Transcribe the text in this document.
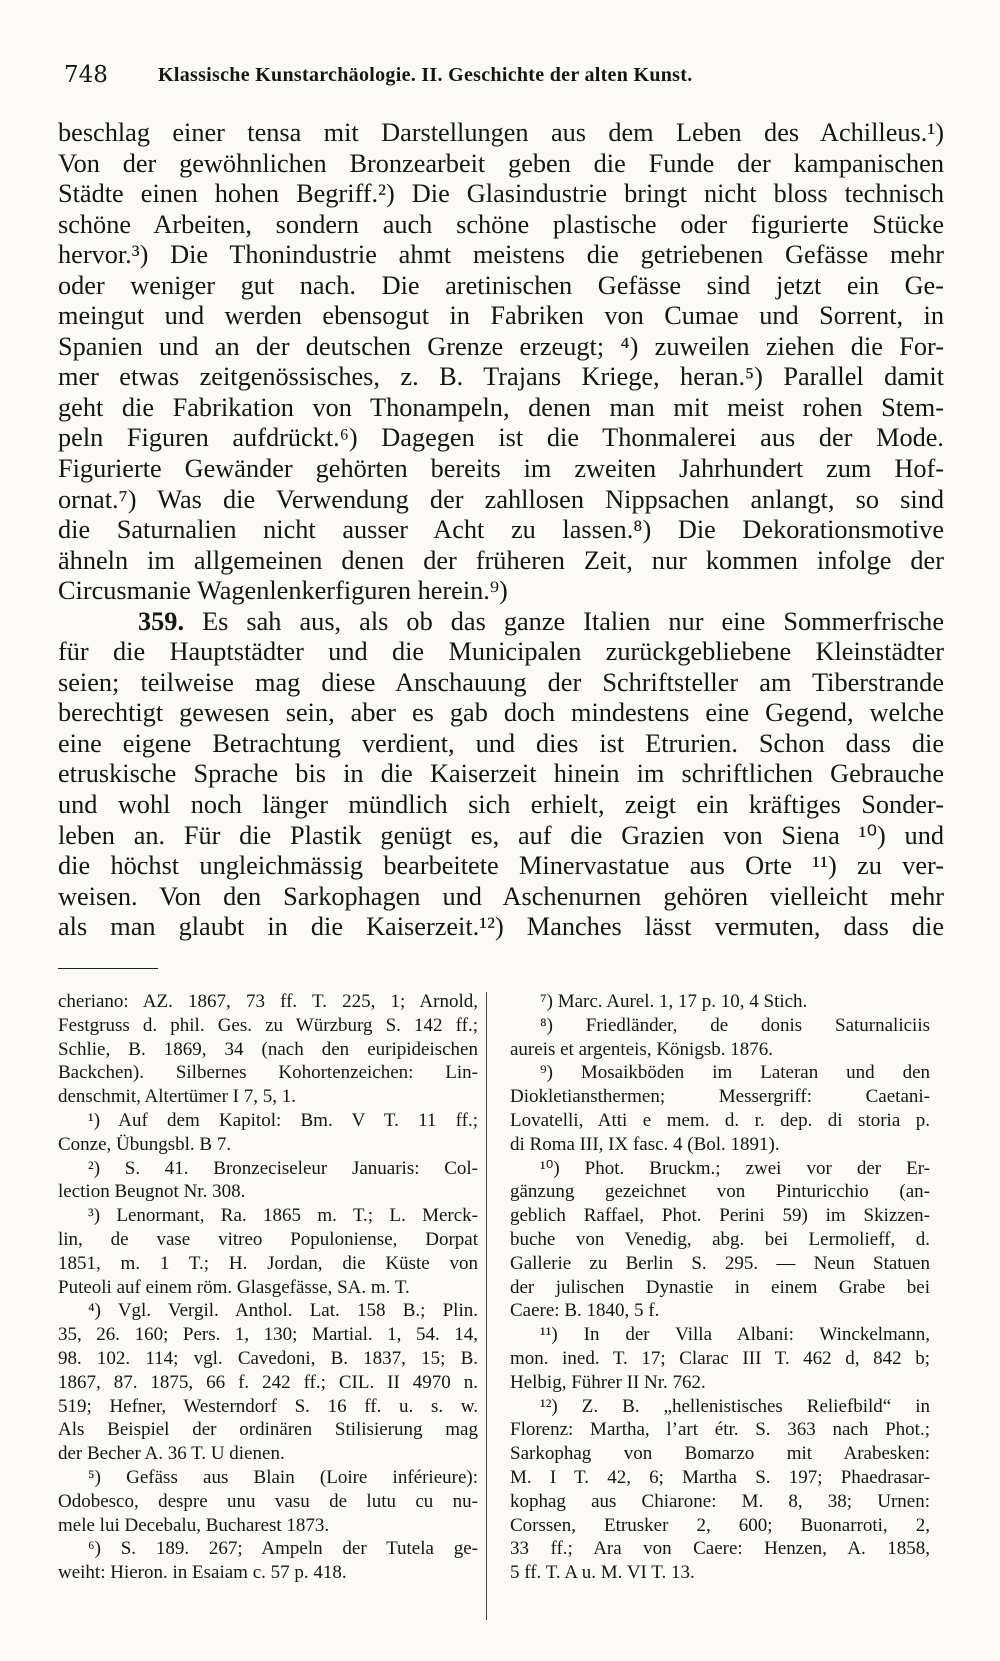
748	Klassische Kunstarchäologie. II. Geschichte der alten Kunst.

beschlag einer tensa mit Darstellungen aus dem Leben des Achilleus.¹)

Von der gewöhnlichen Bronzearbeit geben die Funde der kampanischen

Städte einen hohen Begriff.²) Die Glasindustrie bringt nicht bloss technisch

schöne Arbeiten, sondern auch schöne plastische oder figurierte Stücke

hervor.³) Die Thonindustrie ahmt meistens die getriebenen Gefässe mehr

oder weniger gut nach. Die aretinischen Gefässe sind jetzt ein Ge-

meingut und werden ebensogut in Fabriken von Cumae und Sorrent, in

Spanien und an der deutschen Grenze erzeugt; ⁴) zuweilen ziehen die For-

mer etwas zeitgenössisches, z. B. Trajans Kriege, heran.⁵) Parallel damit

geht die Fabrikation von Thonampeln, denen man mit meist rohen Stem-

peln Figuren aufdrückt.⁶) Dagegen ist die Thonmalerei aus der Mode.

Figurierte Gewänder gehörten bereits im zweiten Jahrhundert zum Hof-

ornat.⁷) Was die Verwendung der zahllosen Nippsachen anlangt, so sind

die Saturnalien nicht ausser Acht zu lassen.⁸) Die Dekorationsmotive

ähneln im allgemeinen denen der früheren Zeit, nur kommen infolge der

Circusmanie Wagenlenkerfiguren herein.⁹)

359. Es sah aus, als ob das ganze Italien nur eine Sommerfrische

für die Hauptstädter und die Municipalen zurückgebliebene Kleinstädter

seien; teilweise mag diese Anschauung der Schriftsteller am Tiberstrande

berechtigt gewesen sein, aber es gab doch mindestens eine Gegend, welche

eine eigene Betrachtung verdient, und dies ist Etrurien. Schon dass die

etruskische Sprache bis in die Kaiserzeit hinein im schriftlichen Gebrauche

und wohl noch länger mündlich sich erhielt, zeigt ein kräftiges Sonder-

leben an. Für die Plastik genügt es, auf die Grazien von Siena ¹⁰) und

die höchst ungleichmässig bearbeitete Minervastatue aus Orte ¹¹) zu ver-

weisen. Von den Sarkophagen und Aschenurnen gehören vielleicht mehr

als man glaubt in die Kaiserzeit.¹²) Manches lässt vermuten, dass die

cheriano: AZ. 1867, 73 ff. T. 225, 1; Arnold,

Festgruss d. phil. Ges. zu Würzburg S. 142 ff.;

Schlie, B. 1869, 34 (nach den euripideischen

Backchen). Silbernes Kohortenzeichen: Lin-

denschmit, Altertümer I 7, 5, 1.

¹) Auf dem Kapitol: Bm. V T. 11 ff.;

Conze, Übungsbl. B 7.

²) S. 41. Bronzeciseleur Januaris: Col-

lection Beugnot Nr. 308.

³) Lenormant, Ra. 1865 m. T.; L. Merck-

lin, de vase vitreo Populoniense, Dorpat

1851, m. 1 T.; H. Jordan, die Küste von

Puteoli auf einem röm. Glasgefässe, SA. m. T.

⁴) Vgl. Vergil. Anthol. Lat. 158 B.; Plin.

35, 26. 160; Pers. 1, 130; Martial. 1, 54. 14,

98. 102. 114; vgl. Cavedoni, B. 1837, 15; B.

1867, 87. 1875, 66 f. 242 ff.; CIL. II 4970 n.

519; Hefner, Westerndorf S. 16 ff. u. s. w.

Als Beispiel der ordinären Stilisierung mag

der Becher A. 36 T. U dienen.

⁵) Gefäss aus Blain (Loire inférieure):

Odobesco, despre unu vasu de lutu cu nu-

mele lui Decebalu, Bucharest 1873.

⁶) S. 189. 267; Ampeln der Tutela ge-

weiht: Hieron. in Esaiam c. 57 p. 418.

⁷) Marc. Aurel. 1, 17 p. 10, 4 Stich.

⁸) Friedländer, de donis Saturnaliciis

aureis et argenteis, Königsb. 1876.

⁹) Mosaikböden im Lateran und den

Diokletiansthermen; Messergriff: Caetani-

Lovatelli, Atti e mem. d. r. dep. di storia p.

di Roma III, IX fasc. 4 (Bol. 1891).

¹⁰) Phot. Bruckm.; zwei vor der Er-

gänzung gezeichnet von Pinturicchio (an-

geblich Raffael, Phot. Perini 59) im Skizzen-

buche von Venedig, abg. bei Lermolieff, d.

Gallerie zu Berlin S. 295. — Neun Statuen

der julischen Dynastie in einem Grabe bei

Caere: B. 1840, 5 f.

¹¹) In der Villa Albani: Winckelmann,

mon. ined. T. 17; Clarac III T. 462 d, 842 b;

Helbig, Führer II Nr. 762.

¹²) Z. B. „hellenistisches Reliefbild“ in

Florenz: Martha, l’art étr. S. 363 nach Phot.;

Sarkophag von Bomarzo mit Arabesken:

M. I T. 42, 6; Martha S. 197; Phaedrasar-

kophag aus Chiarone: M. 8, 38; Urnen:

Corssen, Etrusker 2, 600; Buonarroti, 2,

33 ff.; Ara von Caere: Henzen, A. 1858,

5 ff. T. A u. M. VI T. 13.
